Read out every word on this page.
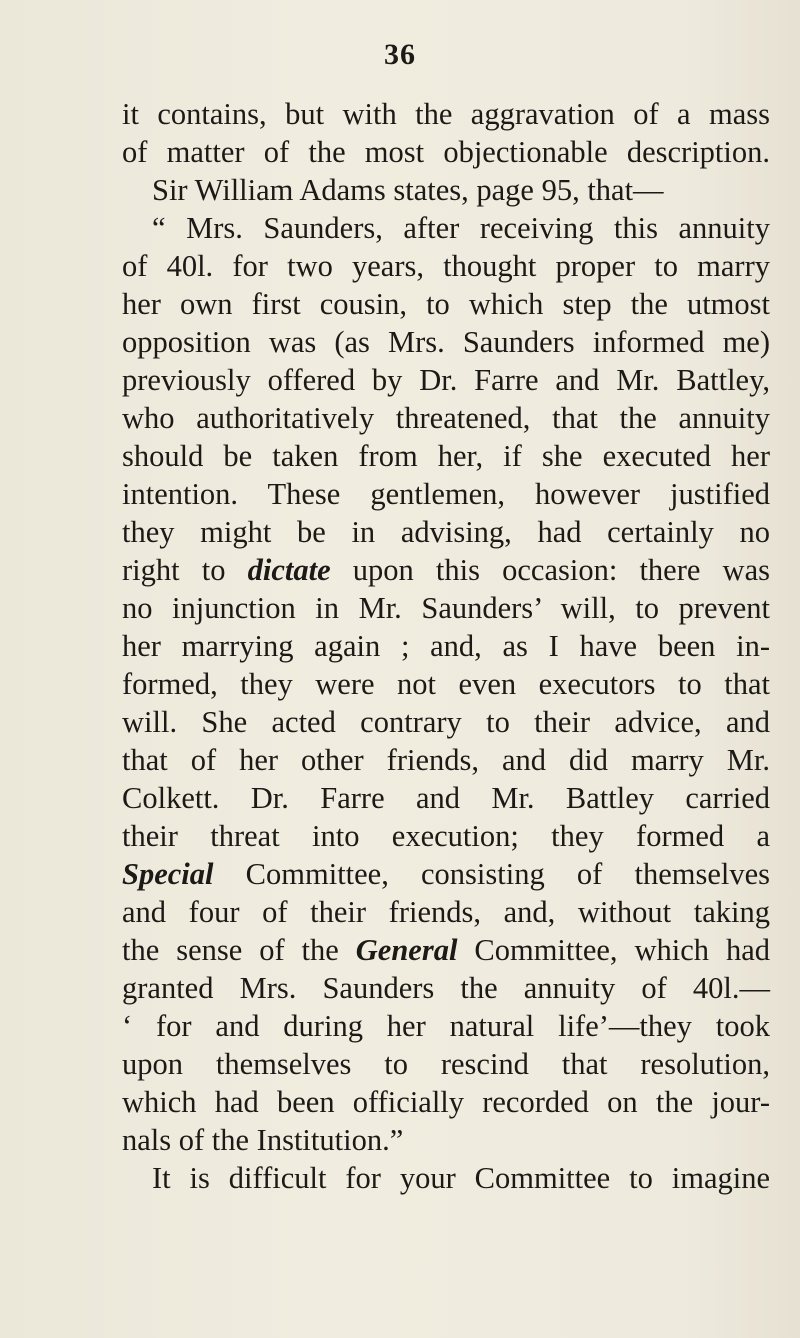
36
it contains, but with the aggravation of a mass
of matter of the most objectionable description.
Sir William Adams states, page 95, that—
“ Mrs. Saunders, after receiving this annuity
of 40l. for two years, thought proper to marry
her own first cousin, to which step the utmost
opposition was (as Mrs. Saunders informed me)
previously offered by Dr. Farre and Mr. Battley,
who authoritatively threatened, that the annuity
should be taken from her, if she executed her
intention. These gentlemen, however justified
they might be in advising, had certainly no
right to dictate upon this occasion: there was
no injunction in Mr. Saunders’ will, to prevent
her marrying again ; and, as I have been in-
formed, they were not even executors to that
will. She acted contrary to their advice, and
that of her other friends, and did marry Mr.
Colkett. Dr. Farre and Mr. Battley carried
their threat into execution; they formed a
Special Committee, consisting of themselves
and four of their friends, and, without taking
the sense of the General Committee, which had
granted Mrs. Saunders the annuity of 40l.—
‘ for and during her natural life’—they took
upon themselves to rescind that resolution,
which had been officially recorded on the jour-
nals of the Institution.”
It is difficult for your Committee to imagine
